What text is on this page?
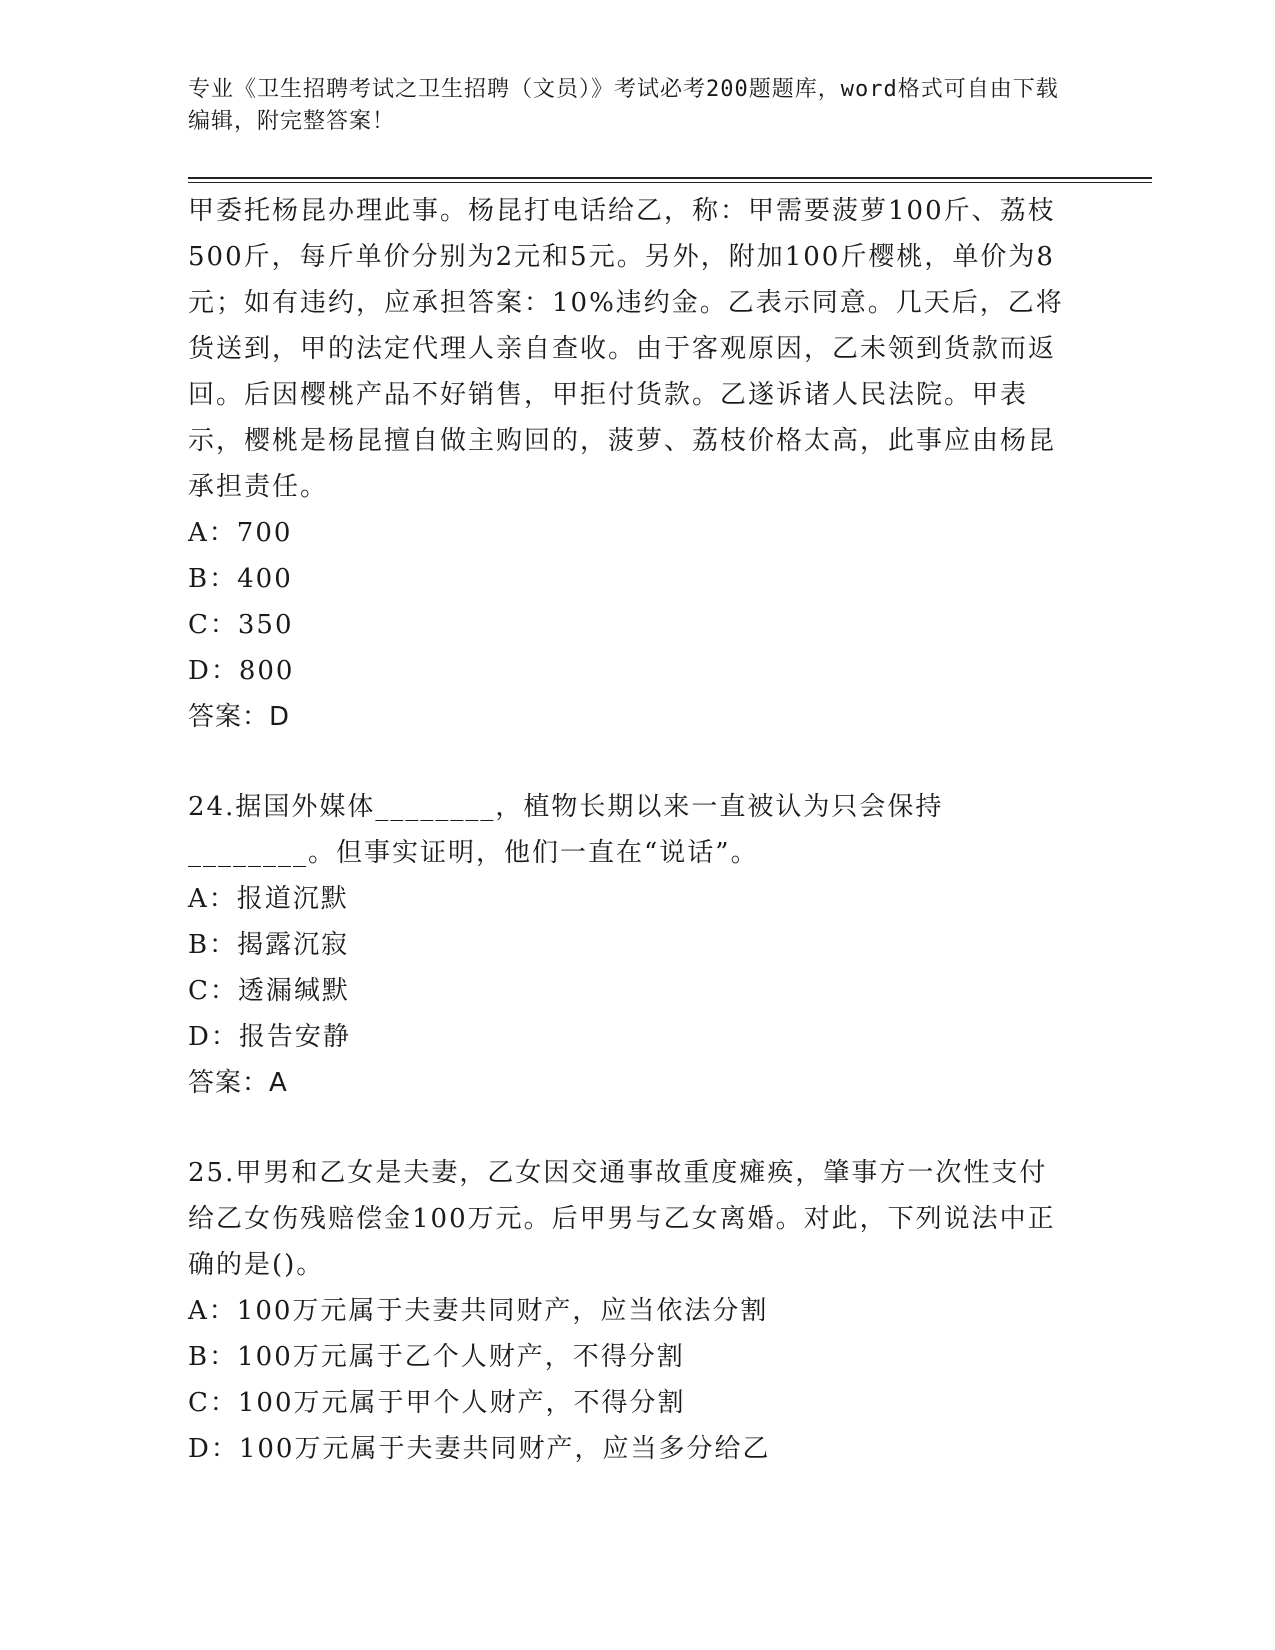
专业《卫生招聘考试之卫生招聘（文员）》考试必考200题题库，word格式可自由下载编辑，附完整答案！

甲委托杨昆办理此事。杨昆打电话给乙，称：甲需要菠萝100斤、荔枝500斤，每斤单价分别为2元和5元。另外，附加100斤樱桃，单价为8元；如有违约，应承担答案：10%违约金。乙表示同意。几天后，乙将货送到，甲的法定代理人亲自查收。由于客观原因，乙未领到货款而返回。后因樱桃产品不好销售，甲拒付货款。乙遂诉诸人民法院。甲表示，樱桃是杨昆擅自做主购回的，菠萝、荔枝价格太高，此事应由杨昆承担责任。

A：700

B：400

C：350

D：800

答案：D

24.据国外媒体________，植物长期以来一直被认为只会保持________。但事实证明，他们一直在“说话”。

A：报道沉默

B：揭露沉寂

C：透漏缄默

D：报告安静

答案：A

25.甲男和乙女是夫妻，乙女因交通事故重度瘫痪，肇事方一次性支付给乙女伤残赔偿金100万元。后甲男与乙女离婚。对此，下列说法中正确的是()。

A：100万元属于夫妻共同财产，应当依法分割

B：100万元属于乙个人财产，不得分割

C：100万元属于甲个人财产，不得分割

D：100万元属于夫妻共同财产，应当多分给乙
